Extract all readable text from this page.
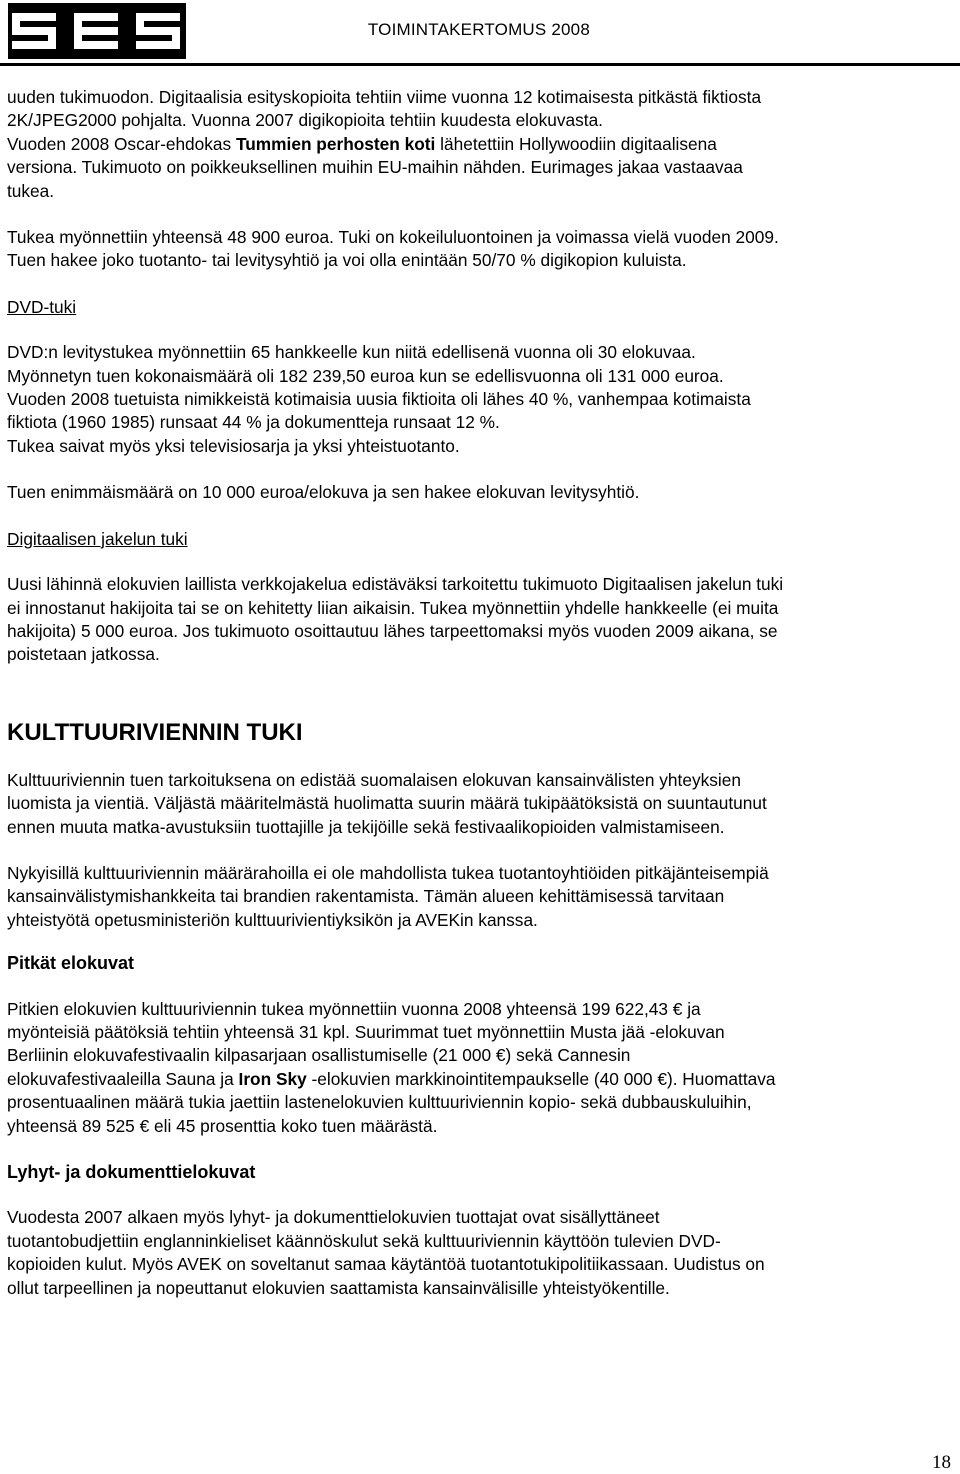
TOIMINTAKERTOMUS 2008

uuden tukimuodon. Digitaalisia esityskopioita tehtiin viime vuonna 12 kotimaisesta pitkästä fiktiosta
2K/JPEG2000 pohjalta. Vuonna 2007 digikopioita tehtiin kuudesta elokuvasta.
Vuoden 2008 Oscar-ehdokas Tummien perhosten koti lähetettiin Hollywoodiin digitaalisena
versiona. Tukimuoto on poikkeuksellinen muihin EU-maihin nähden. Eurimages jakaa vastaavaa
tukea.

Tukea myönnettiin yhteensä 48 900 euroa. Tuki on kokeiluluontoinen ja voimassa vielä vuoden 2009.
Tuen hakee joko tuotanto- tai levitysyhtiö ja voi olla enintään 50/70 % digikopion kuluista.

DVD-tuki

DVD:n levitystukea myönnettiin 65 hankkeelle kun niitä edellisenä vuonna oli 30 elokuvaa.
Myönnetyn tuen kokonaismäärä oli 182 239,50 euroa kun se edellisvuonna oli 131 000 euroa.
Vuoden 2008 tuetuista nimikkeistä kotimaisia uusia fiktioita oli lähes 40 %, vanhempaa kotimaista
fiktiota (1960 1985) runsaat 44 % ja dokumentteja runsaat 12 %.
Tukea saivat myös yksi televisiosarja ja yksi yhteistuotanto.

Tuen enimmäismäärä on 10 000 euroa/elokuva ja sen hakee elokuvan levitysyhtiö.

Digitaalisen jakelun tuki

Uusi lähinnä elokuvien laillista verkkojakelua edistäväksi tarkoitettu tukimuoto Digitaalisen jakelun tuki
ei innostanut hakijoita tai se on kehitetty liian aikaisin. Tukea myönnettiin yhdelle hankkeelle (ei muita
hakijoita) 5 000 euroa. Jos tukimuoto osoittautuu lähes tarpeettomaksi myös vuoden 2009 aikana, se
poistetaan jatkossa.

KULTTUURIVIENNIN TUKI

Kulttuuriviennin tuen tarkoituksena on edistää suomalaisen elokuvan kansainvälisten yhteyksien
luomista ja vientiä. Väljästä määritelmästä huolimatta suurin määrä tukipäätöksistä on suuntautunut
ennen muuta matka-avustuksiin tuottajille ja tekijöille sekä festivaalikopioiden valmistamiseen.

Nykyisillä kulttuuriviennin määrärahoilla ei ole mahdollista tukea tuotantoyhtiöiden pitkäjänteisempiä
kansainvälistymishankkeita tai brandien rakentamista. Tämän alueen kehittämisessä tarvitaan
yhteistyötä opetusministeriön kulttuurivientiyksikön ja AVEKin kanssa.

Pitkät elokuvat

Pitkien elokuvien kulttuuriviennin tukea myönnettiin vuonna 2008 yhteensä 199 622,43 € ja
myönteisiä päätöksiä tehtiin yhteensä 31 kpl. Suurimmat tuet myönnettiin Musta jää -elokuvan
Berliinin elokuvafestivaalin kilpasarjaan osallistumiselle (21 000 €) sekä Cannesin
elokuvafestivaaleilla Sauna ja Iron Sky -elokuvien markkinointitempaukselle (40 000 €). Huomattava
prosentuaalinen määrä tukia jaettiin lastenelokuvien kulttuuriviennin kopio- sekä dubbauskuluihin,
yhteensä 89 525 € eli 45 prosenttia koko tuen määrästä.

Lyhyt- ja dokumenttielokuvat

Vuodesta 2007 alkaen myös lyhyt- ja dokumenttielokuvien tuottajat ovat sisällyttäneet
tuotantobudjettiin englanninkieliset käännöskulut sekä kulttuuriviennin käyttöön tulevien DVD-
kopioiden kulut. Myös AVEK on soveltanut samaa käytäntöä tuotantotukipolitiikassaan. Uudistus on
ollut tarpeellinen ja nopeuttanut elokuvien saattamista kansainvälisille yhteistyökentille.

18
